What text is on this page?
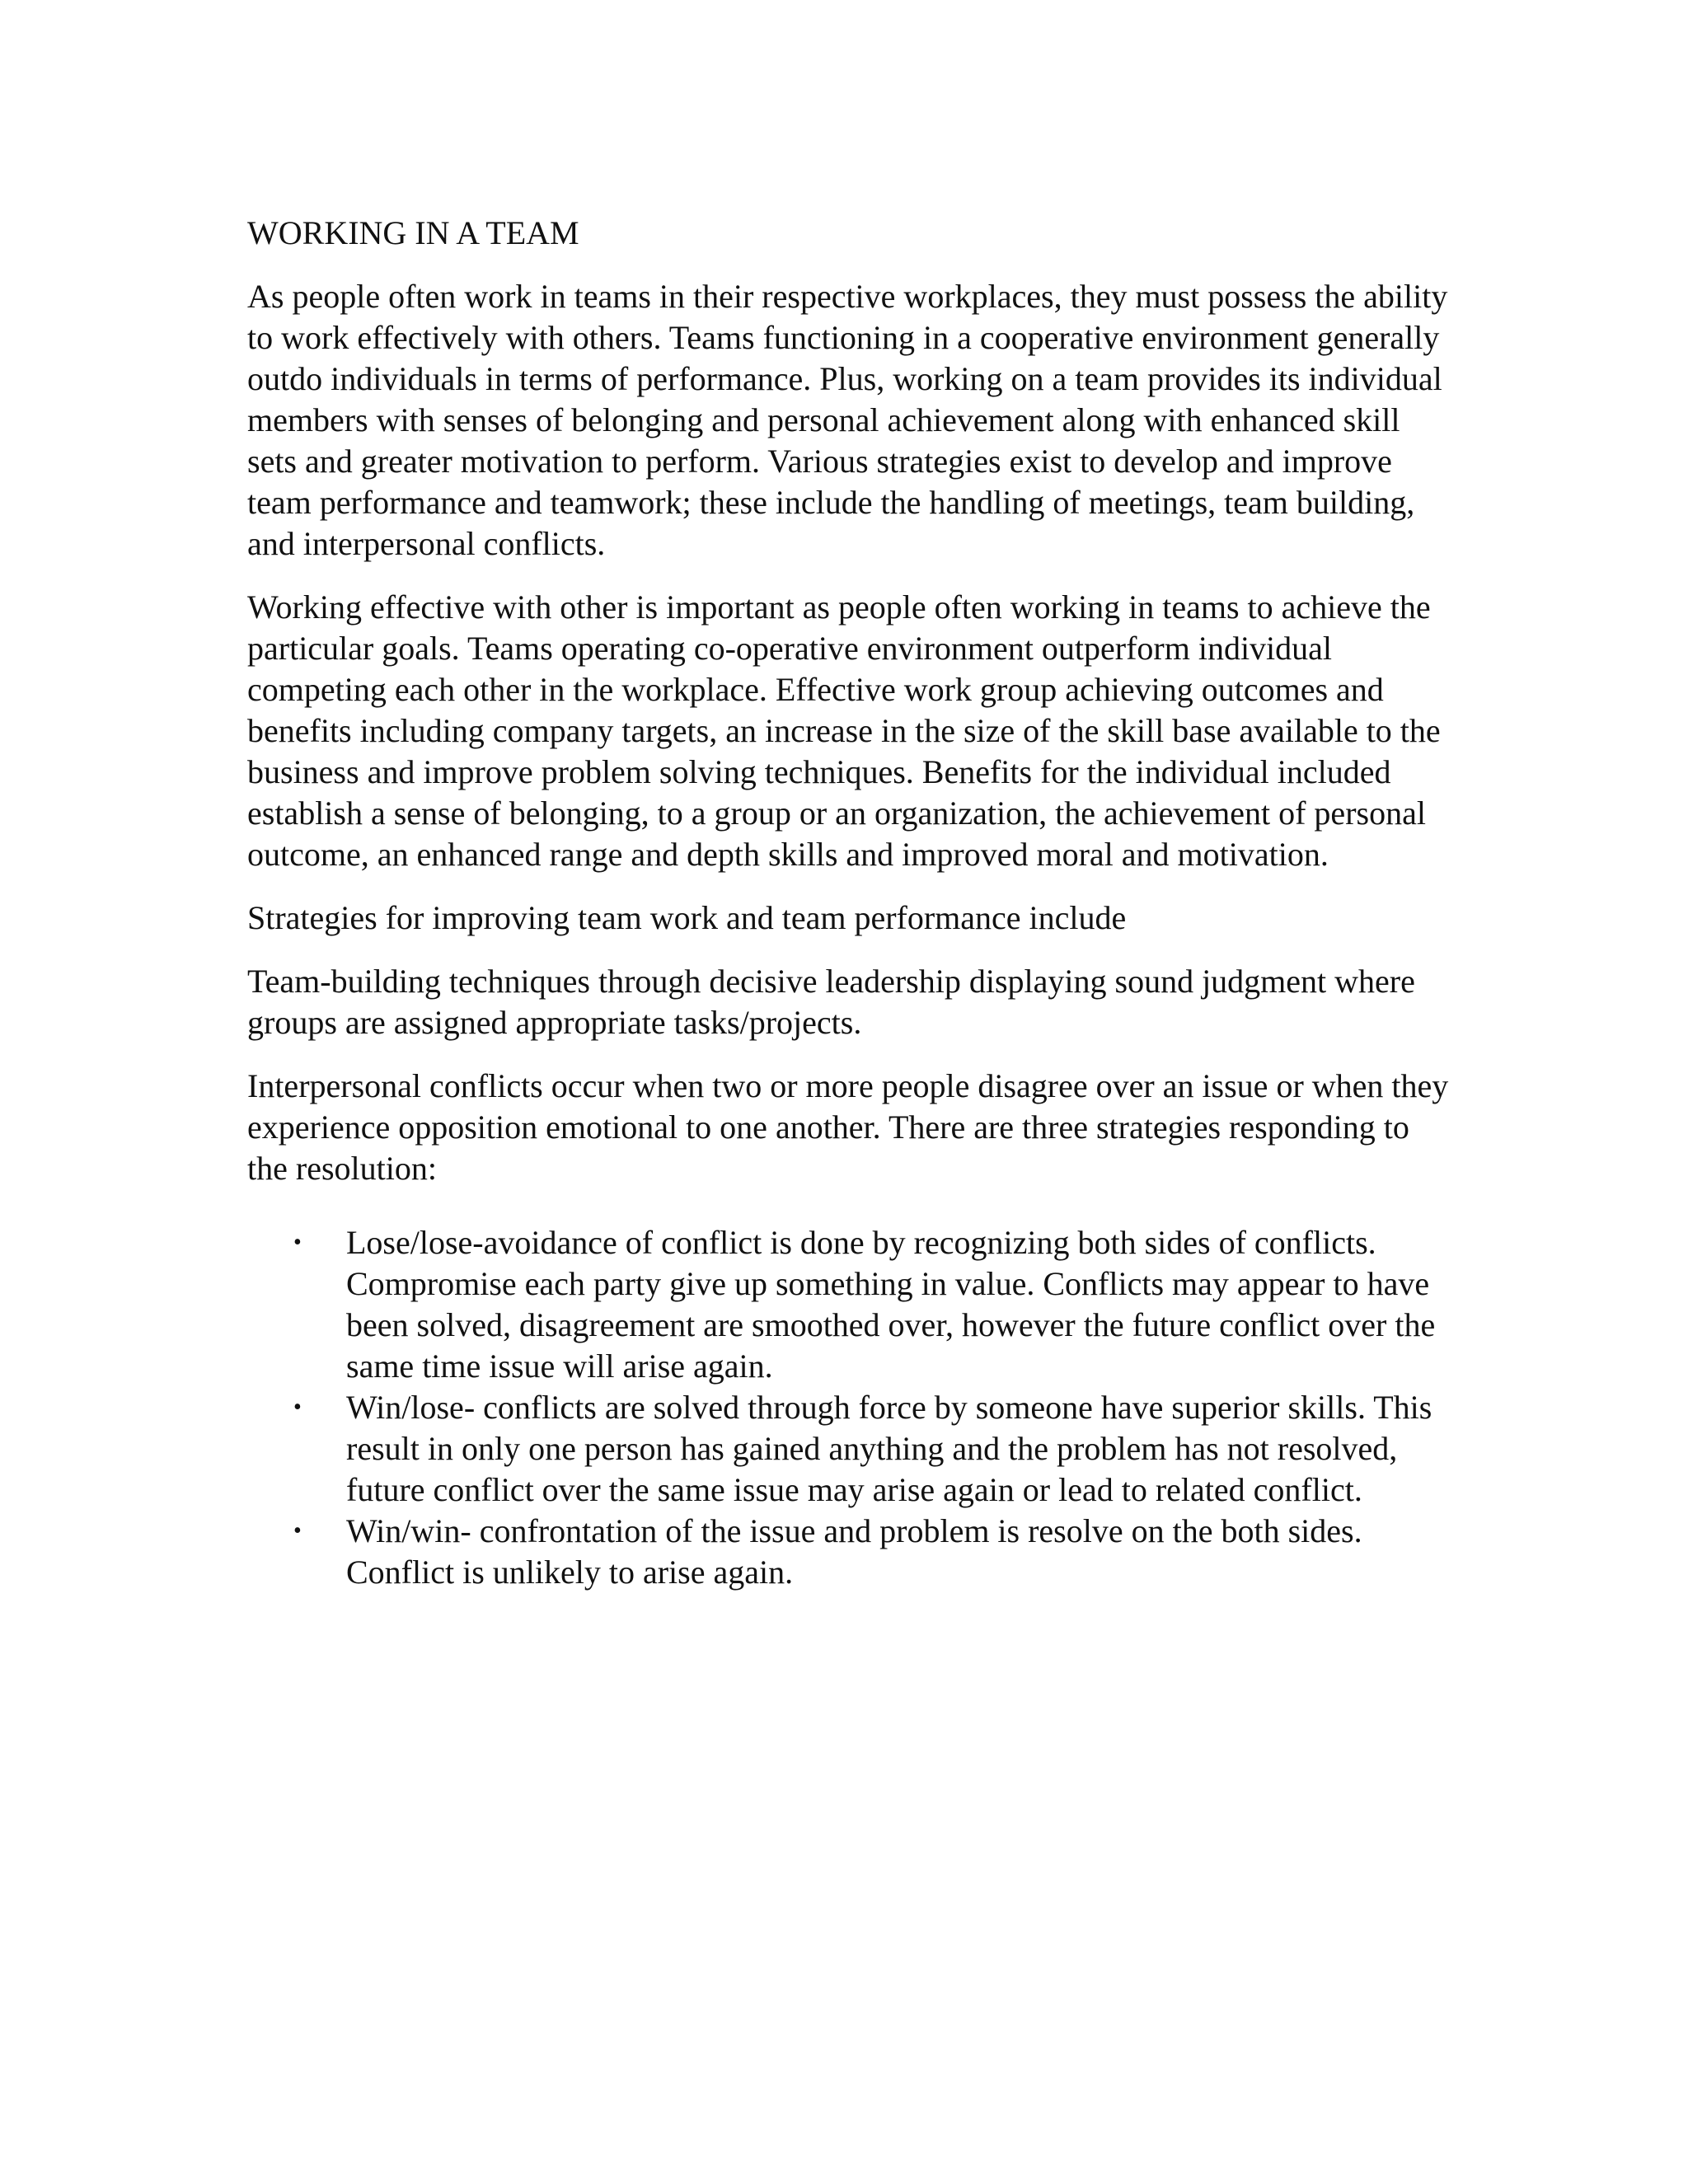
WORKING IN A TEAM

As people often work in teams in their respective workplaces, they must possess the ability to work effectively with others. Teams functioning in a cooperative environment generally outdo individuals in terms of performance. Plus, working on a team provides its individual members with senses of belonging and personal achievement along with enhanced skill sets and greater motivation to perform. Various strategies exist to develop and improve team performance and teamwork; these include the handling of meetings, team building, and interpersonal conflicts.

Working effective with other is important as people often working in teams to achieve the particular goals. Teams operating co-operative environment outperform individual competing each other in the workplace. Effective work group achieving outcomes and benefits including company targets, an increase in the size of the skill base available to the business and improve problem solving techniques. Benefits for the individual included establish a sense of belonging, to a group or an organization, the achievement of personal outcome, an enhanced range and depth skills and improved moral and motivation.

Strategies for improving team work and team performance include

Team-building techniques through decisive leadership displaying sound judgment where groups are assigned appropriate tasks/projects.

Interpersonal conflicts occur when two or more people disagree over an issue or when they experience opposition emotional to one another. There are three strategies responding to the resolution:

• Lose/lose-avoidance of conflict is done by recognizing both sides of conflicts. Compromise each party give up something in value. Conflicts may appear to have been solved, disagreement are smoothed over, however the future conflict over the same time issue will arise again.
• Win/lose- conflicts are solved through force by someone have superior skills. This result in only one person has gained anything and the problem has not resolved, future conflict over the same issue may arise again or lead to related conflict.
• Win/win- confrontation of the issue and problem is resolve on the both sides. Conflict is unlikely to arise again.
